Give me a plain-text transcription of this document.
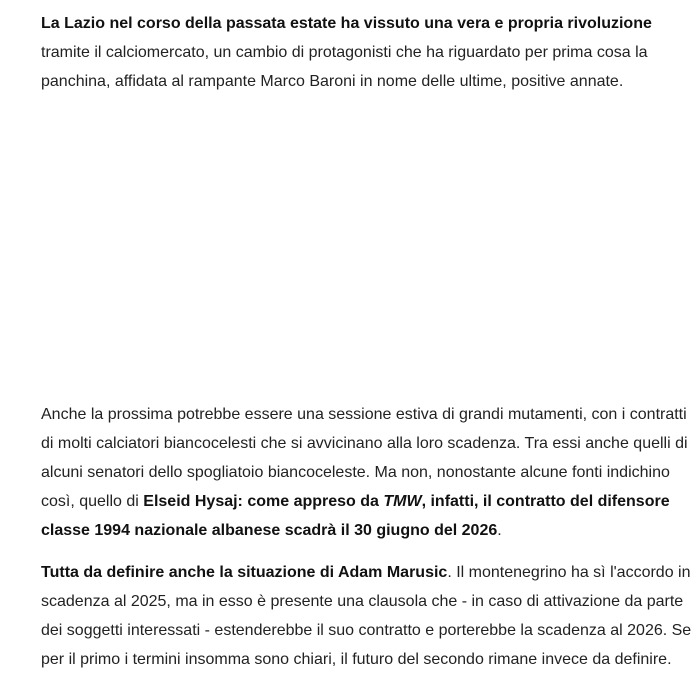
La Lazio nel corso della passata estate ha vissuto una vera e propria rivoluzione tramite il calciomercato, un cambio di protagonisti che ha riguardato per prima cosa la panchina, affidata al rampante Marco Baroni in nome delle ultime, positive annate.

Anche la prossima potrebbe essere una sessione estiva di grandi mutamenti, con i contratti di molti calciatori biancocelesti che si avvicinano alla loro scadenza. Tra essi anche quelli di alcuni senatori dello spogliatoio biancoceleste. Ma non, nonostante alcune fonti indichino così, quello di Elseid Hysaj: come appreso da TMW, infatti, il contratto del difensore classe 1994 nazionale albanese scadrà il 30 giugno del 2026.

Tutta da definire anche la situazione di Adam Marusic. Il montenegrino ha sì l'accordo in scadenza al 2025, ma in esso è presente una clausola che - in caso di attivazione da parte dei soggetti interessati - estenderebbe il suo contratto e porterebbe la scadenza al 2026. Se per il primo i termini insomma sono chiari, il futuro del secondo rimane invece da definire.
